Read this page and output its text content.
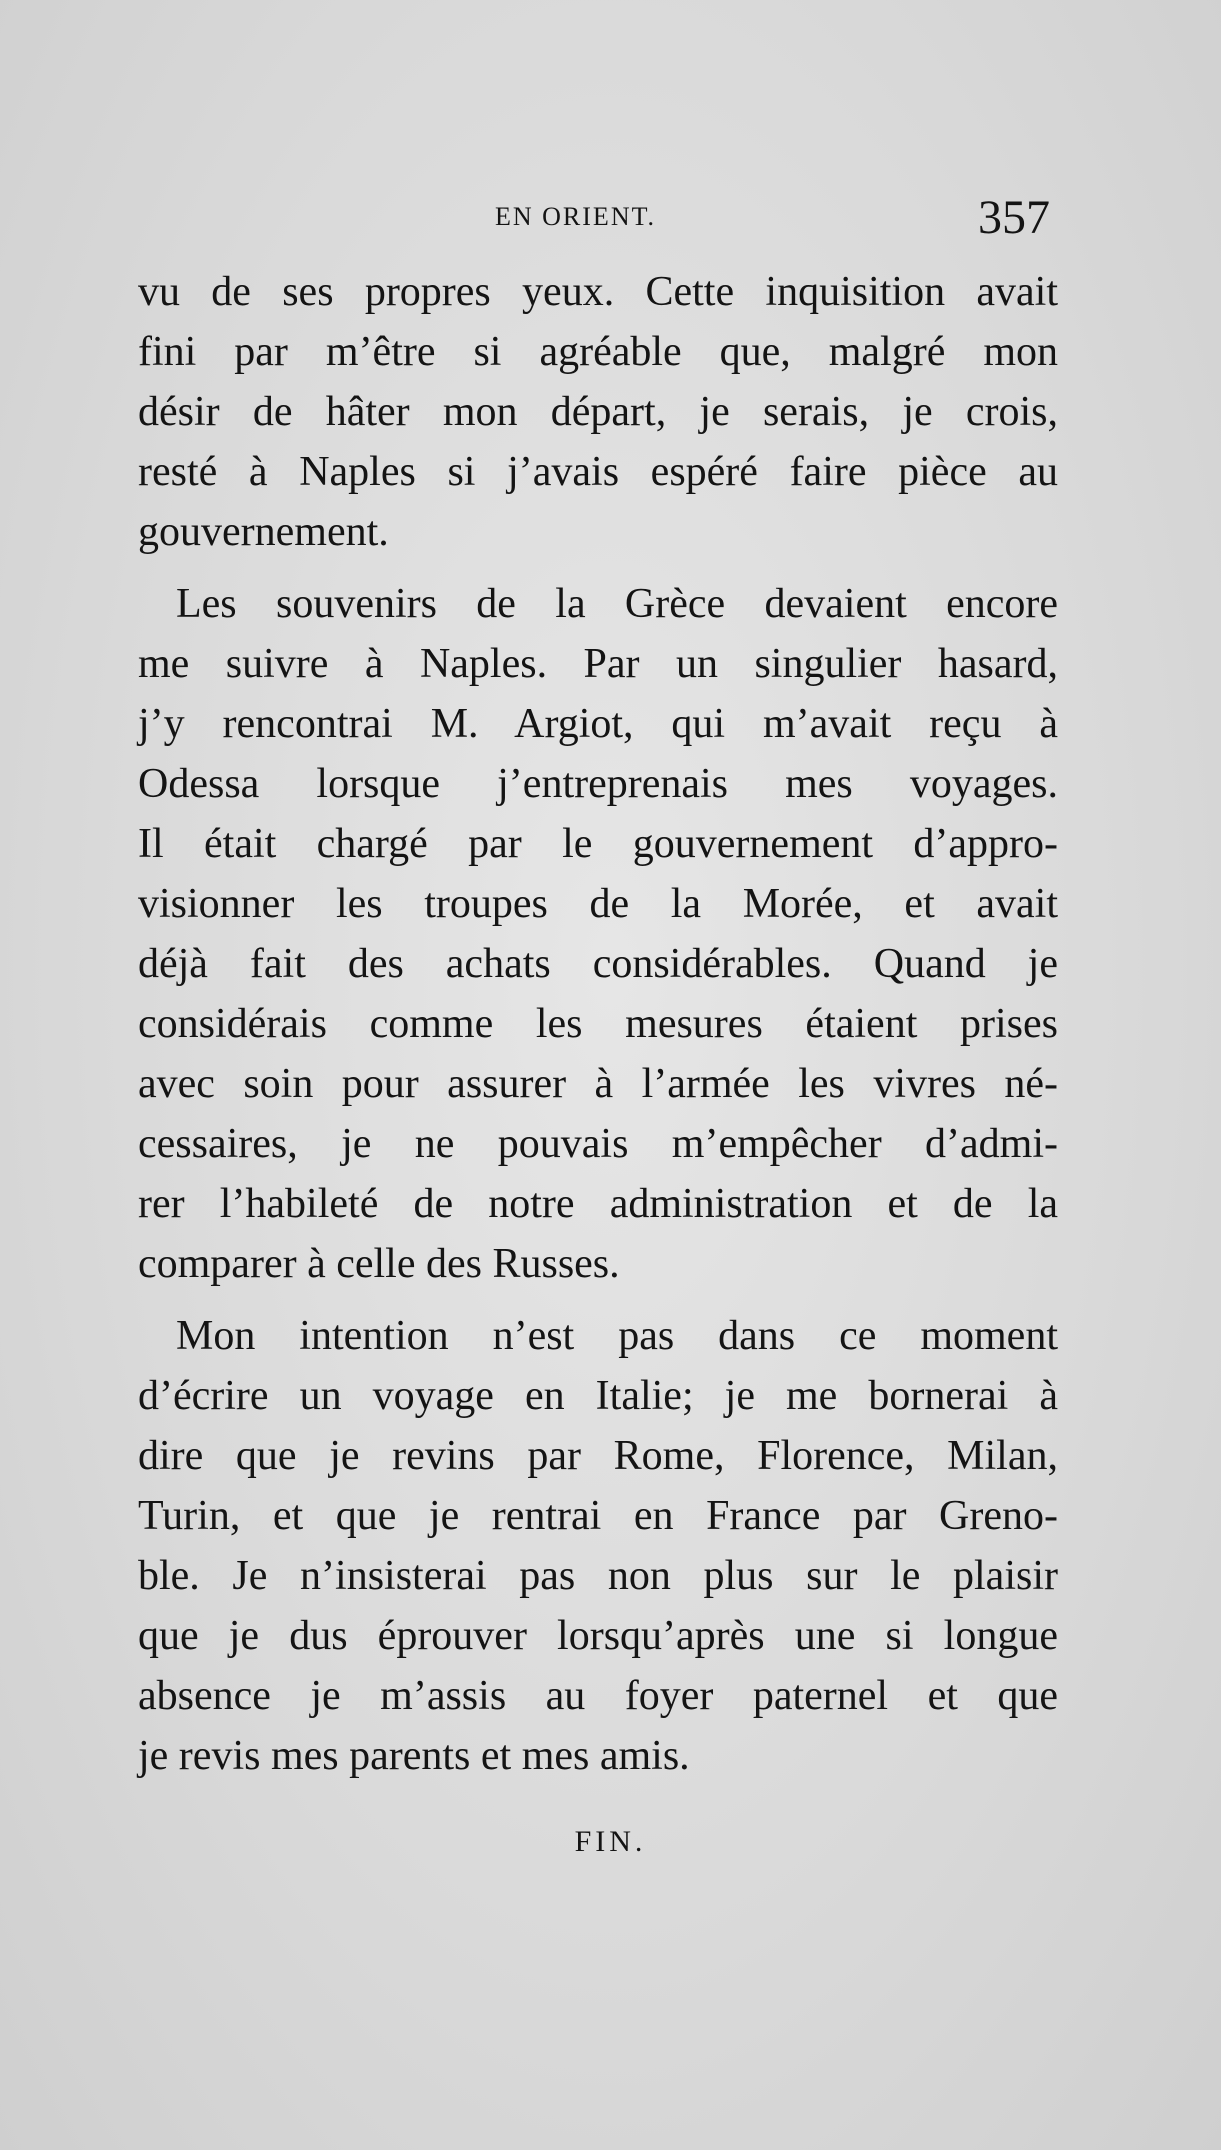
EN ORIENT.	357
vu de ses propres yeux. Cette inquisition avait
fini par m’être si agréable que, malgré mon
désir de hâter mon départ, je serais, je crois,
resté à Naples si j’avais espéré faire pièce au
gouvernement.
Les souvenirs de la Grèce devaient encore
me suivre à Naples. Par un singulier hasard,
j’y rencontrai M. Argiot, qui m’avait reçu à
Odessa lorsque j’entreprenais mes voyages.
Il était chargé par le gouvernement d’appro-
visionner les troupes de la Morée, et avait
déjà fait des achats considérables. Quand je
considérais comme les mesures étaient prises
avec soin pour assurer à l’armée les vivres né-
cessaires, je ne pouvais m’empêcher d’admi-
rer l’habileté de notre administration et de la
comparer à celle des Russes.
Mon intention n’est pas dans ce moment
d’écrire un voyage en Italie; je me bornerai à
dire que je revins par Rome, Florence, Milan,
Turin, et que je rentrai en France par Greno-
ble. Je n’insisterai pas non plus sur le plaisir
que je dus éprouver lorsqu’après une si longue
absence je m’assis au foyer paternel et que
je revis mes parents et mes amis.
FIN.
